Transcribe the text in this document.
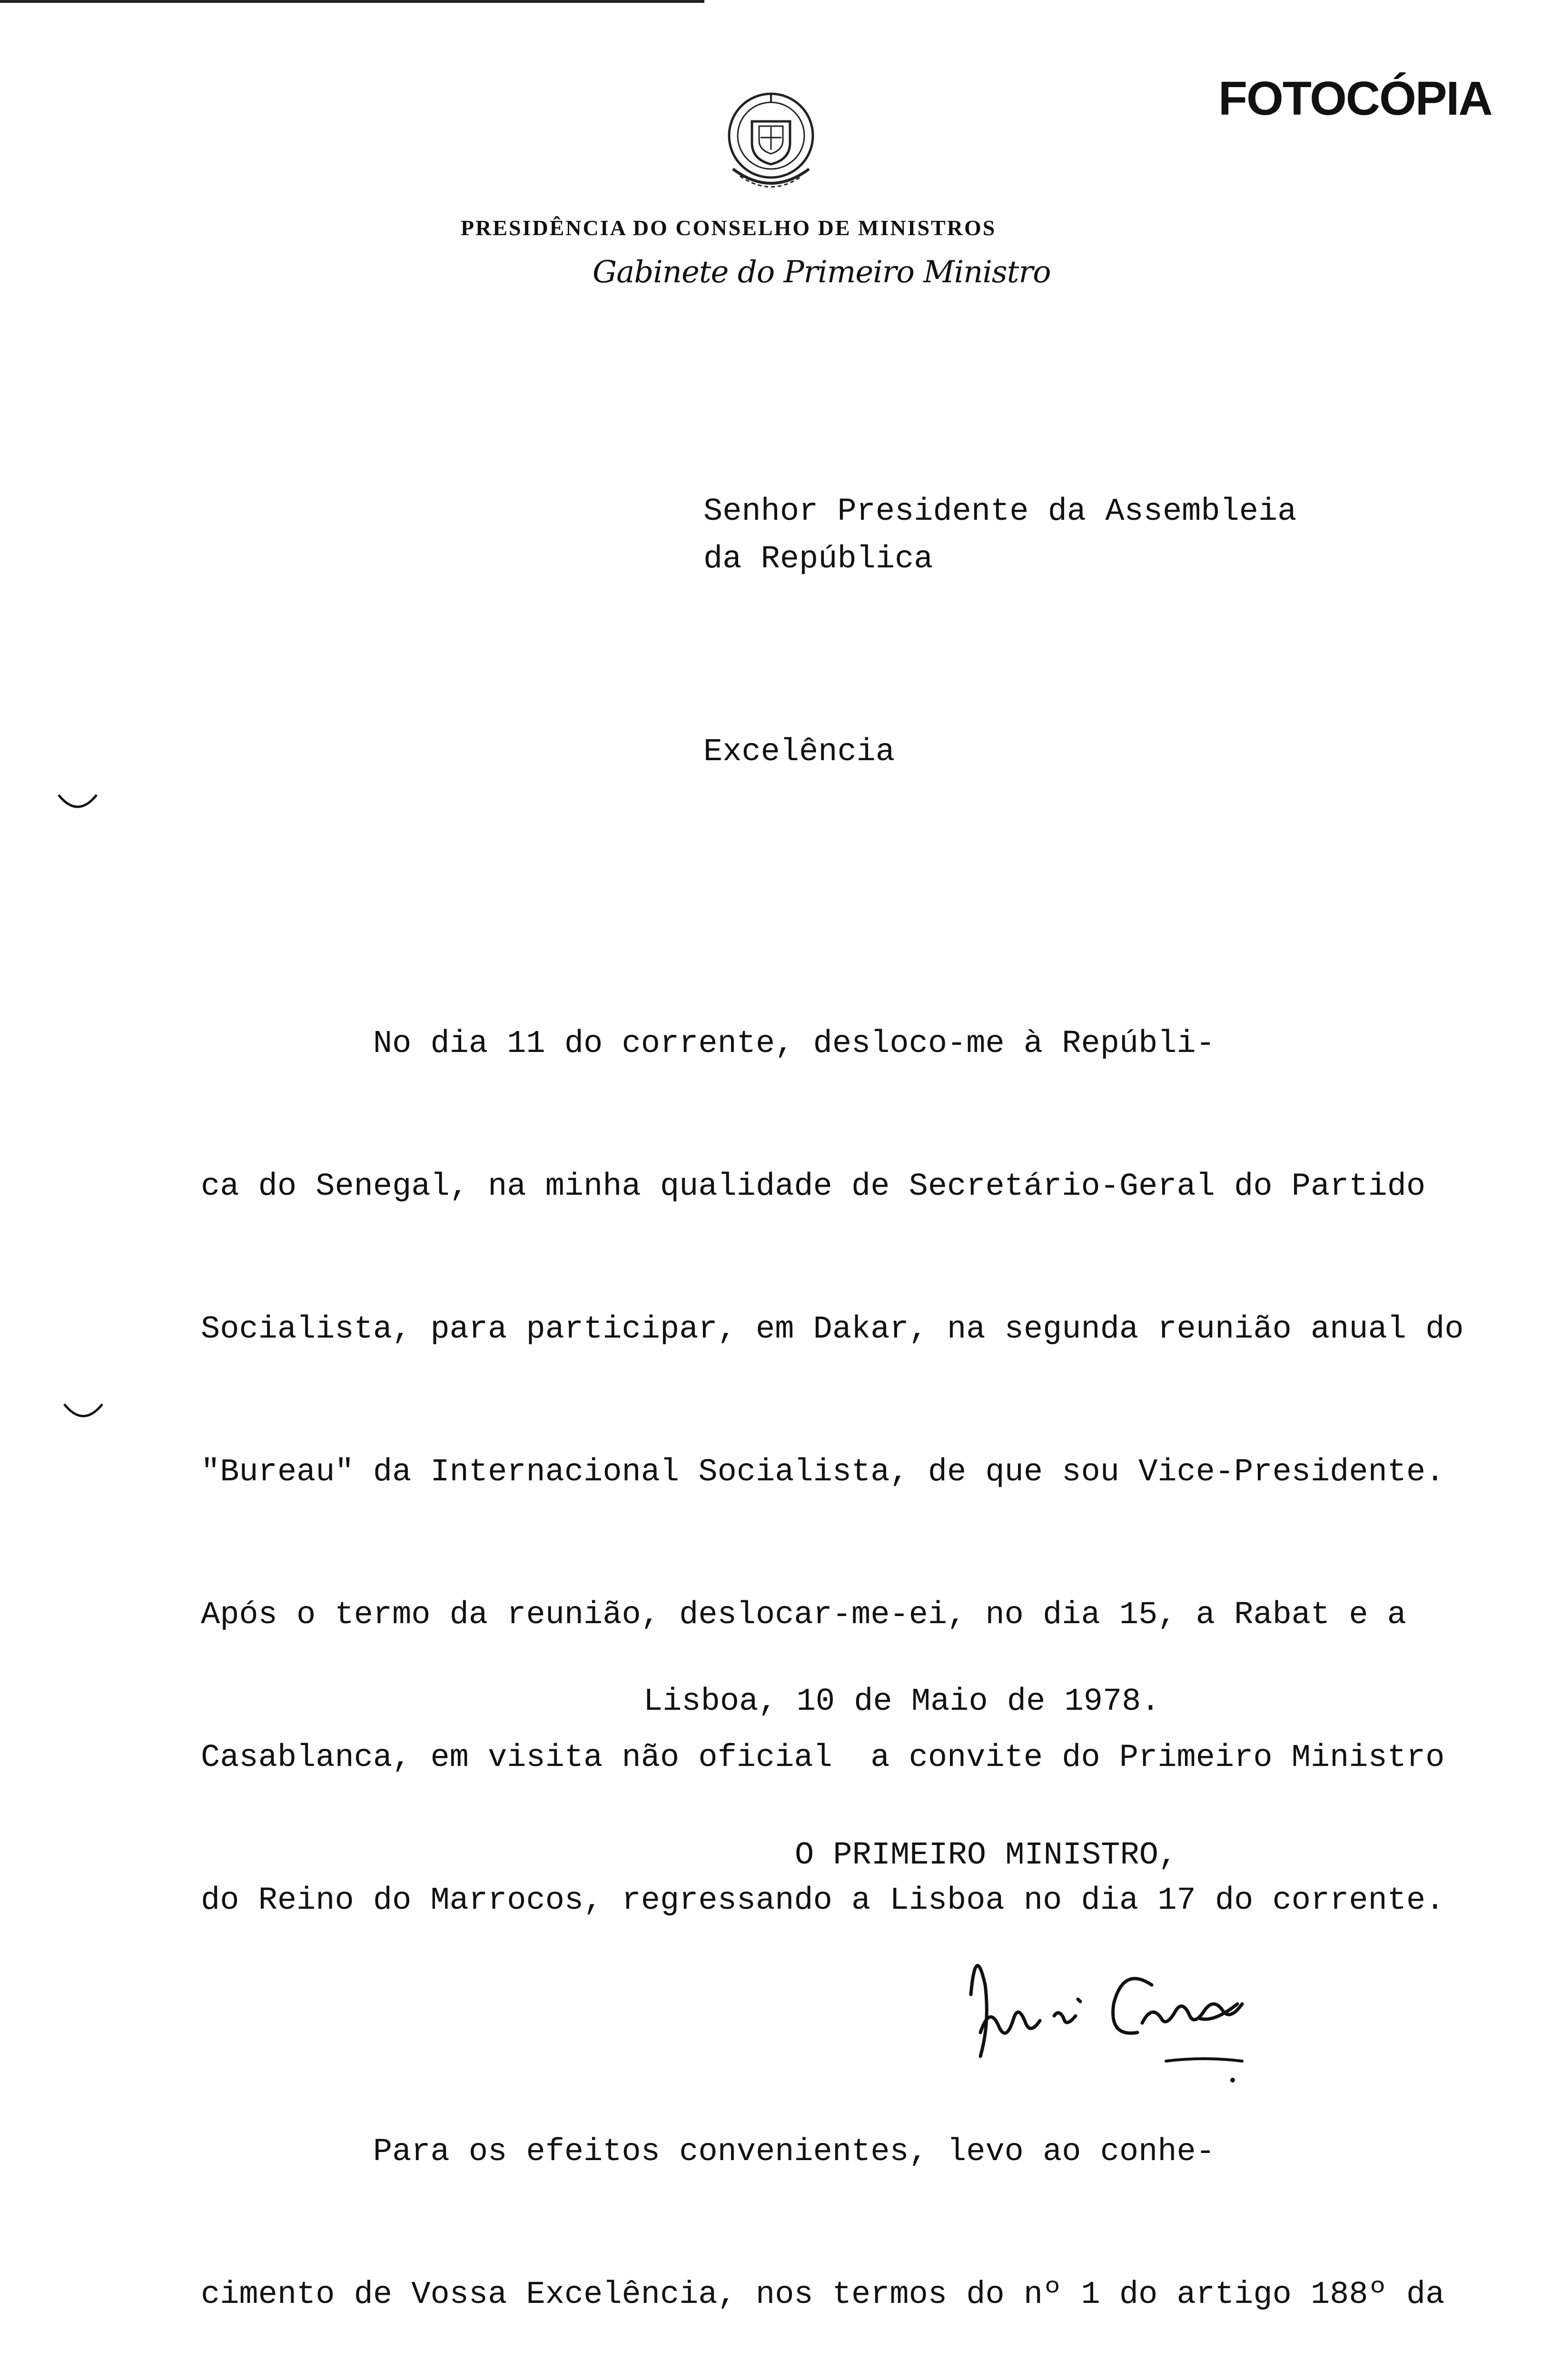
FOTOCÓPIA
PRESIDÊNCIA DO CONSELHO DE MINISTROS
Gabinete do Primeiro Ministro
Senhor Presidente da Assembleia
da República
Excelência

No dia 11 do corrente, desloco-me à Repúbli-

ca do Senegal, na minha qualidade de Secretário-Geral do Partido

Socialista, para participar, em Dakar, na segunda reunião anual do

"Bureau" da Internacional Socialista, de que sou Vice-Presidente.

Após o termo da reunião, deslocar-me-ei, no dia 15, a Rabat e a

Casablanca, em visita não oficial  a convite do Primeiro Ministro

do Reino do Marrocos, regressando a Lisboa no dia 17 do corrente.

Para os efeitos convenientes, levo ao conhe-

cimento de Vossa Excelência, nos termos do nº 1 do artigo 188º da

Lisboa, 10 de Maio de 1978.
O PRIMEIRO MINISTRO,
